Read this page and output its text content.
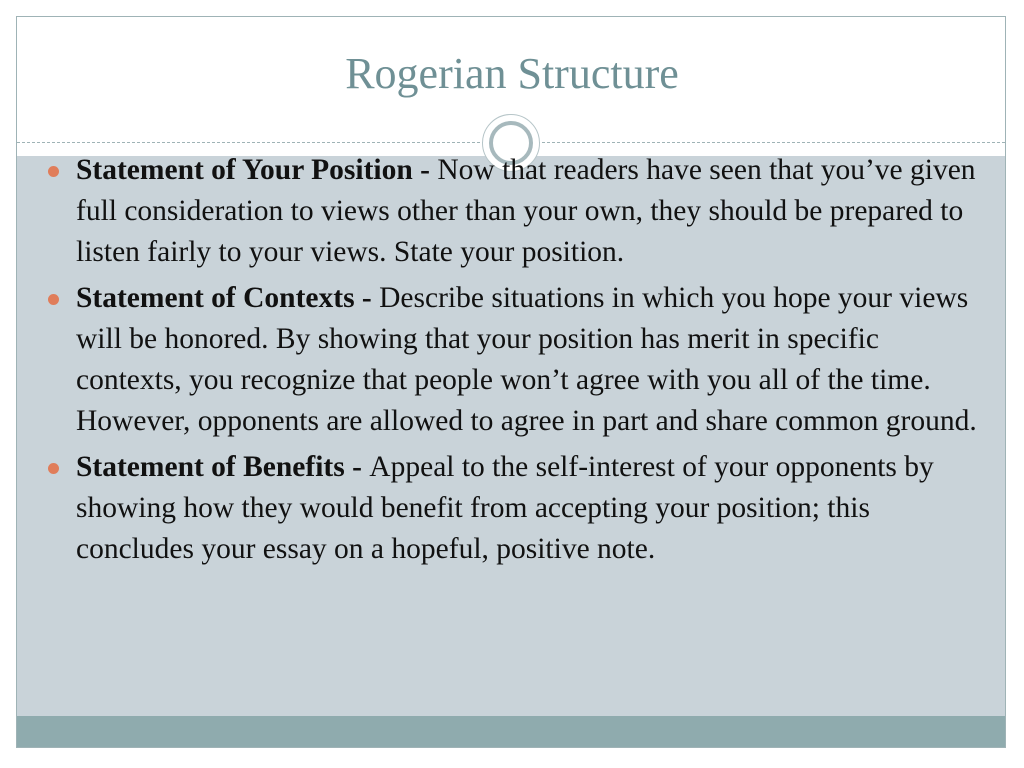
Rogerian Structure
Statement of Your Position - Now that readers have seen that you’ve given full consideration to views other than your own, they should be prepared to listen fairly to your views. State your position.
Statement of Contexts - Describe situations in which you hope your views will be honored. By showing that your position has merit in specific contexts, you recognize that people won’t agree with you all of the time. However, opponents are allowed to agree in part and share common ground.
Statement of Benefits - Appeal to the self-interest of your opponents by showing how they would benefit from accepting your position; this concludes your essay on a hopeful, positive note.
